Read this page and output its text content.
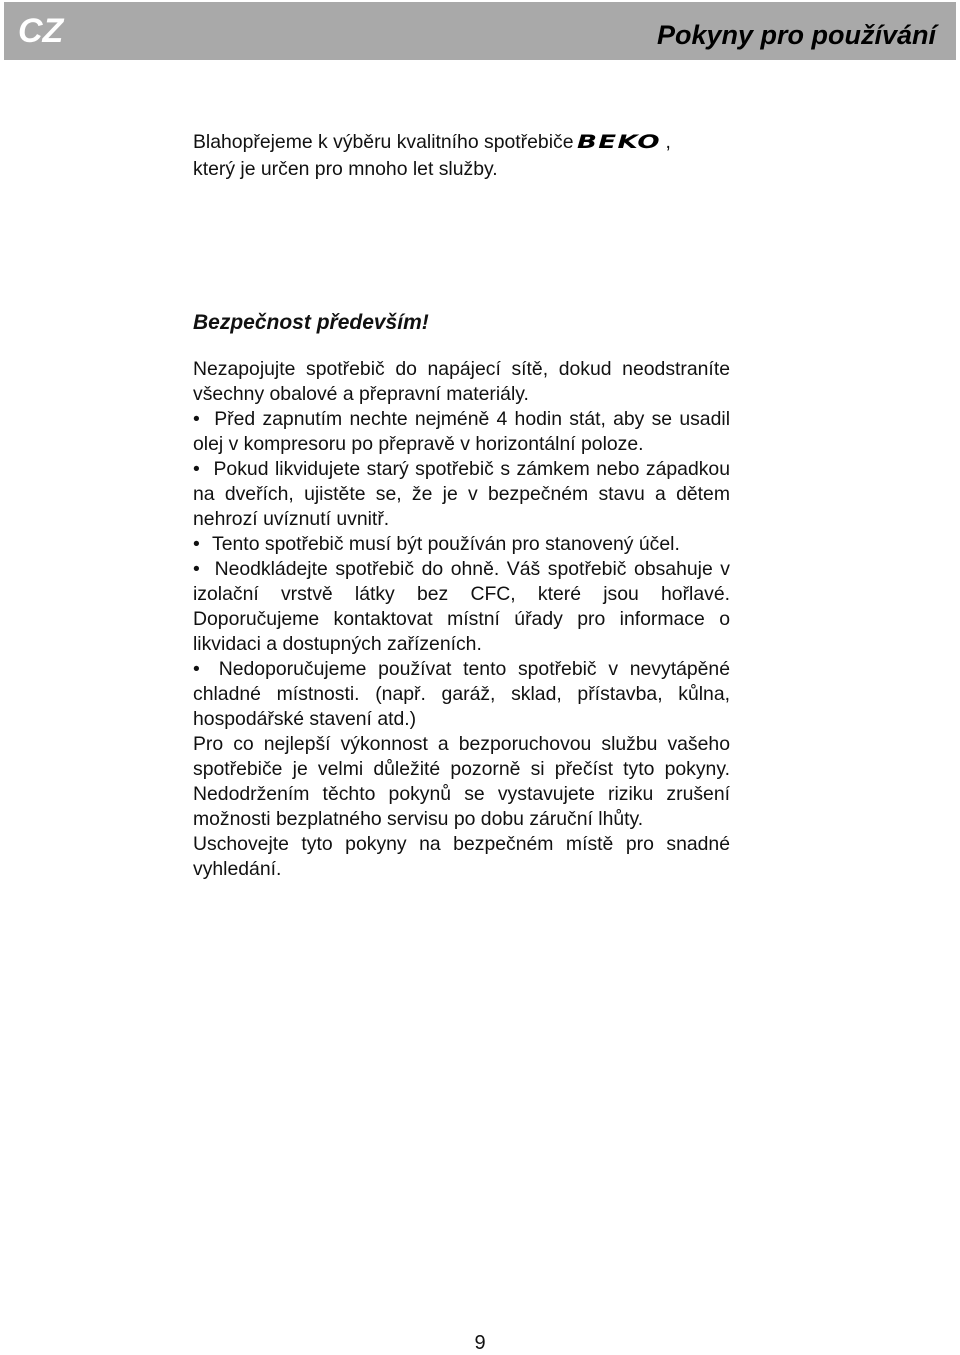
CZ	Pokyny pro používání

Blahopřejeme k výběru kvalitního spotřebiče BEKO ,

který je určen pro mnoho let služby.

Bezpečnost především!

Nezapojujte spotřebič do napájecí sítě, dokud neodstraníte všechny obalové a přepravní materiály.

• Před zapnutím nechte nejméně 4 hodin stát, aby se usadil olej v kompresoru po přepravě v horizontální poloze.

• Pokud likvidujete starý spotřebič s zámkem nebo západkou na dveřích, ujistěte se, že je v bezpečném stavu a dětem nehrozí uvíznutí uvnitř.

• Tento spotřebič musí být používán pro stanovený účel.

• Neodkládejte spotřebič do ohně. Váš spotřebič obsahuje v izolační vrstvě látky bez CFC, které jsou hořlavé. Doporučujeme kontaktovat místní úřady pro informace o likvidaci a dostupných zařízeních.

• Nedoporučujeme používat tento spotřebič v nevytápěné chladné místnosti. (např. garáž, sklad, přístavba, kůlna, hospodářské stavení atd.)

Pro co nejlepší výkonnost a bezporuchovou službu vašeho spotřebiče je velmi důležité pozorně si přečíst tyto pokyny. Nedodržením těchto pokynů se vystavujete riziku zrušení možnosti bezplatného servisu po dobu záruční lhůty.

Uschovejte tyto pokyny na bezpečném místě pro snadné vyhledání.

9
